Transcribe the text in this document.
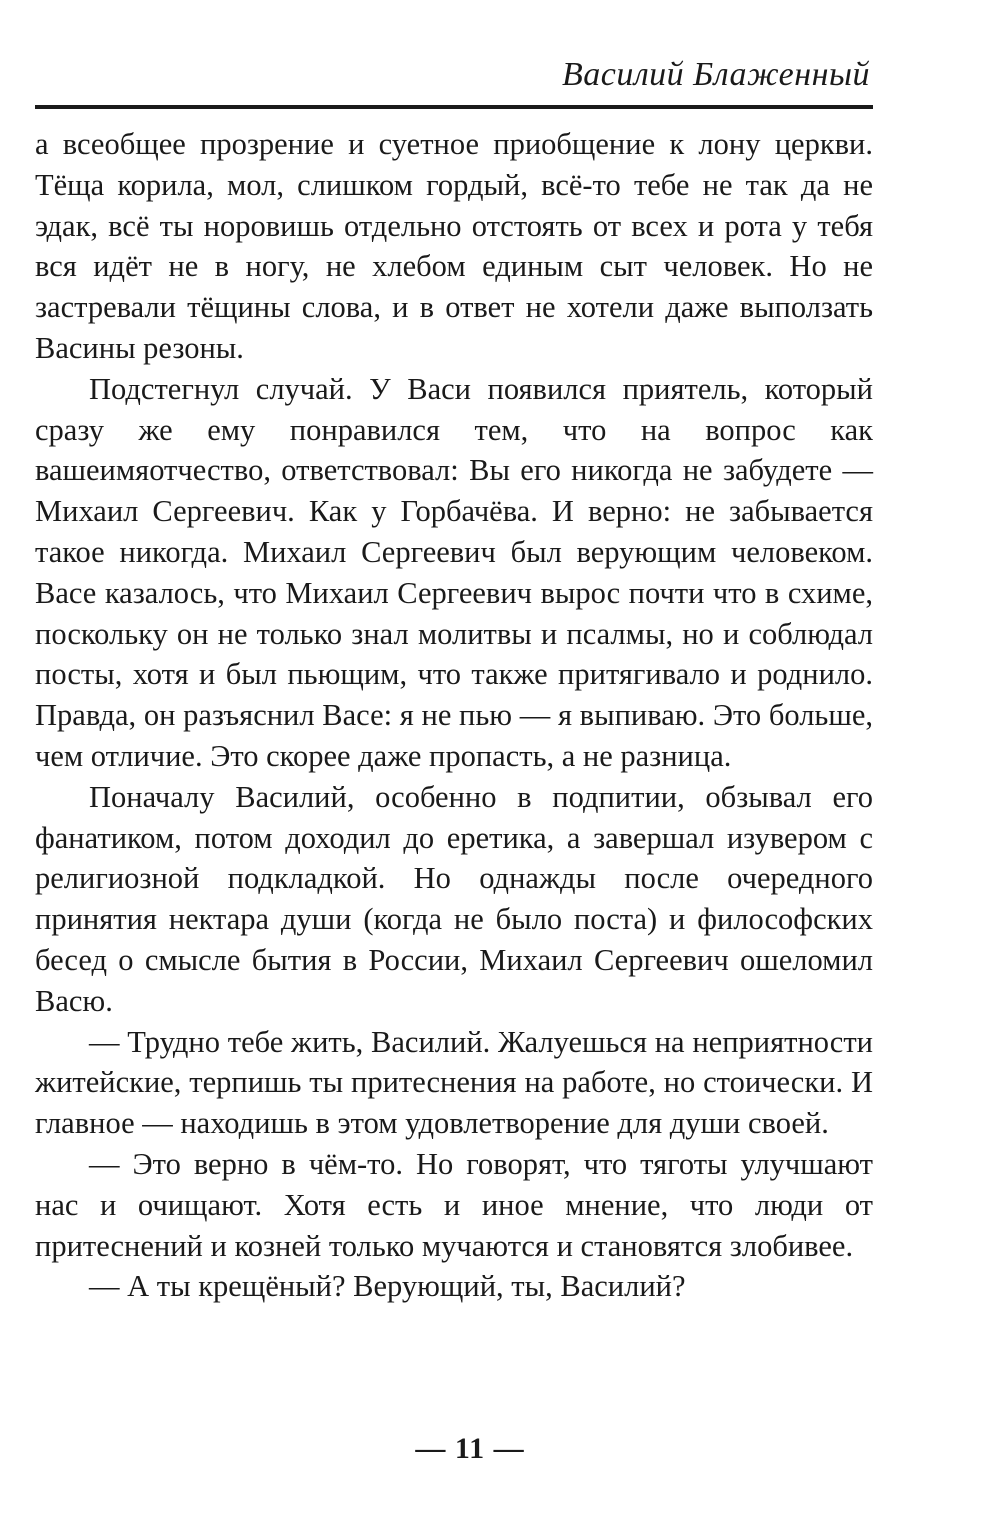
Василий Блаженный

а всеобщее прозрение и суетное приобщение к лону церкви. Тёща корила, мол, слишком гордый, всё-то тебе не так да не эдак, всё ты норовишь отдельно отстоять от всех и рота у тебя вся идёт не в ногу, не хлебом единым сыт человек. Но не застревали тёщины слова, и в ответ не хотели даже выползать Васины резоны.

Подстегнул случай. У Васи появился приятель, который сразу же ему понравился тем, что на вопрос как вашеимяотчество, ответствовал: Вы его никогда не забудете — Михаил Сергеевич. Как у Горбачёва. И верно: не забывается такое никогда. Михаил Сергеевич был верующим человеком. Васе казалось, что Михаил Сергеевич вырос почти что в схиме, поскольку он не только знал молитвы и псалмы, но и соблюдал посты, хотя и был пьющим, что также притягивало и роднило. Правда, он разъяснил Васе: я не пью — я выпиваю. Это больше, чем отличие. Это скорее даже пропасть, а не разница.

Поначалу Василий, особенно в подпитии, обзывал его фанатиком, потом доходил до еретика, а завершал изувером с религиозной подкладкой. Но однажды после очередного принятия нектара души (когда не было поста) и философских бесед о смысле бытия в России, Михаил Сергеевич ошеломил Васю.

— Трудно тебе жить, Василий. Жалуешься на неприятности житейские, терпишь ты притеснения на работе, но стоически. И главное — находишь в этом удовлетворение для души своей.

— Это верно в чём-то. Но говорят, что тяготы улучшают нас и очищают. Хотя есть и иное мнение, что люди от притеснений и козней только мучаются и становятся злобивее.

— А ты крещёный? Верующий, ты, Василий?

— 11 —
